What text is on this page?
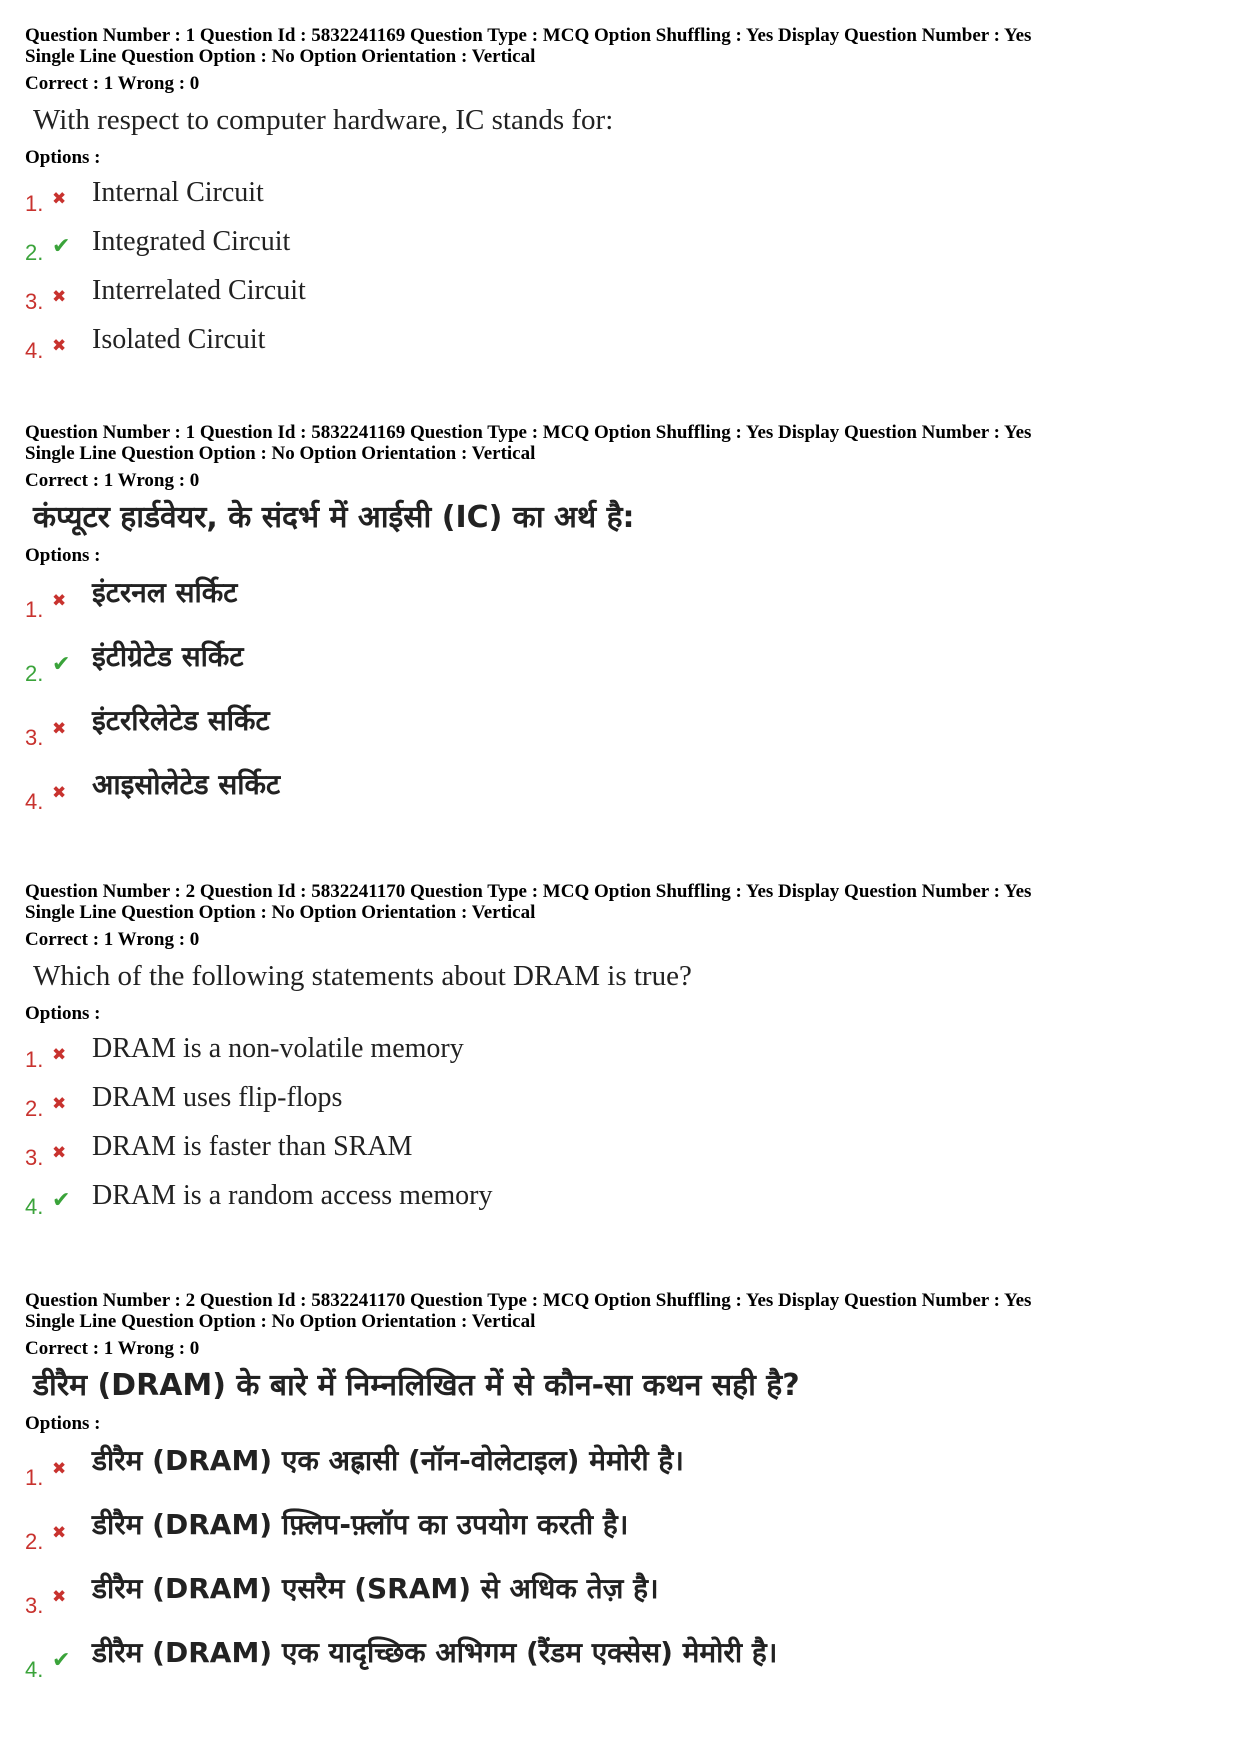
Question Number : 1 Question Id : 5832241169 Question Type : MCQ Option Shuffling : Yes Display Question Number : Yes

Single Line Question Option : No Option Orientation : Vertical

Correct : 1 Wrong : 0

With respect to computer hardware, IC stands for:

Options :

1. ✖ Internal Circuit
2. ✔ Integrated Circuit
3. ✖ Interrelated Circuit
4. ✖ Isolated Circuit

Question Number : 1 Question Id : 5832241169 Question Type : MCQ Option Shuffling : Yes Display Question Number : Yes

Single Line Question Option : No Option Orientation : Vertical

Correct : 1 Wrong : 0

कंप्यूटर हार्डवेयर, के संदर्भ में आईसी (IC) का अर्थ है:

Options :

1. ✖ इंटरनल सर्किट
2. ✔ इंटीग्रेटेड सर्किट
3. ✖ इंटररिलेटेड सर्किट
4. ✖ आइसोलेटेड सर्किट

Question Number : 2 Question Id : 5832241170 Question Type : MCQ Option Shuffling : Yes Display Question Number : Yes

Single Line Question Option : No Option Orientation : Vertical

Correct : 1 Wrong : 0

Which of the following statements about DRAM is true?

Options :

1. ✖ DRAM is a non-volatile memory
2. ✖ DRAM uses flip-flops
3. ✖ DRAM is faster than SRAM
4. ✔ DRAM is a random access memory

Question Number : 2 Question Id : 5832241170 Question Type : MCQ Option Shuffling : Yes Display Question Number : Yes

Single Line Question Option : No Option Orientation : Vertical

Correct : 1 Wrong : 0

डीरैम (DRAM) के बारे में निम्नलिखित में से कौन-सा कथन सही है?

Options :

1. ✖ डीरैम (DRAM) एक अह्रासी (नॉन-वोलेटाइल) मेमोरी है।
2. ✖ डीरैम (DRAM) फ़्लिप-फ़्लॉप का उपयोग करती है।
3. ✖ डीरैम (DRAM) एसरैम (SRAM) से अधिक तेज़ है।
4. ✔ डीरैम (DRAM) एक यादृच्छिक अभिगम (रैंडम एक्सेस) मेमोरी है।
